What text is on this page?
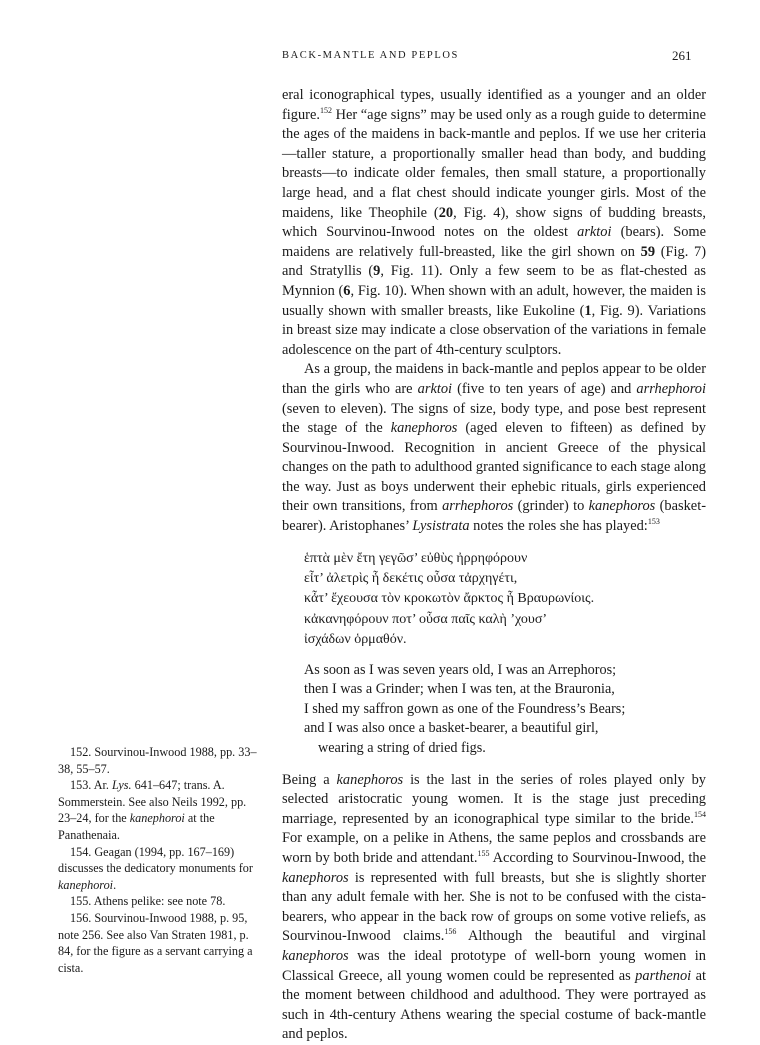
BACK-MANTLE AND PEPLOS	261

eral iconographical types, usually identified as a younger and an older figure.$^{152}$ Her “age signs” may be used only as a rough guide to determine the ages of the maidens in back-mantle and peplos. If we use her criteria—taller stature, a proportionally smaller head than body, and budding breasts—to indicate older females, then small stature, a proportionally large head, and a flat chest should indicate younger girls. Most of the maidens, like Theophile (20, Fig. 4), show signs of budding breasts, which Sourvinou-Inwood notes on the oldest arktoi (bears). Some maidens are relatively full-breasted, like the girl shown on 59 (Fig. 7) and Stratyllis (9, Fig. 11). Only a few seem to be as flat-chested as Mynnion (6, Fig. 10). When shown with an adult, however, the maiden is usually shown with smaller breasts, like Eukoline (1, Fig. 9). Variations in breast size may indicate a close observation of the variations in female adolescence on the part of 4th-century sculptors.

As a group, the maidens in back-mantle and peplos appear to be older than the girls who are arktoi (five to ten years of age) and arrhephoroi (seven to eleven). The signs of size, body type, and pose best represent the stage of the kanephoros (aged eleven to fifteen) as defined by Sourvinou-Inwood. Recognition in ancient Greece of the physical changes on the path to adulthood granted significance to each stage along the way. Just as boys underwent their ephebic rituals, girls experienced their own transitions, from arrhephoros (grinder) to kanephoros (basket-bearer). Aristophanes’ Lysistrata notes the roles she has played:$^{153}$

ἑπτὰ μὲν ἔτη γεγῶσ’ εὐθὺς ἠρρηφόρουν
εἶτ’ ἀλετρὶς ἦ δεκέτις οὖσα τἀρχηγέτι,
κἆτ’ ἔχεουσα τὸν κροκωτὸν ἄρκτος ἦ Βραυρωνίοις.
κἀκανηφόρουν ποτ’ οὖσα παῖς καλὴ ’χουσ’
ἰσχάδων ὁρμαθόν.
As soon as I was seven years old, I was an Arrephoros;
then I was a Grinder; when I was ten, at the Brauronia,
I shed my saffron gown as one of the Foundress’s Bears;
and I was also once a basket-bearer, a beautiful girl,
wearing a string of dried figs.

Being a kanephoros is the last in the series of roles played only by selected aristocratic young women. It is the stage just preceding marriage, represented by an iconographical type similar to the bride.$^{154}$ For example, on a pelike in Athens, the same peplos and crossbands are worn by both bride and attendant.$^{155}$ According to Sourvinou-Inwood, the kanephoros is represented with full breasts, but she is slightly shorter than any adult female with her. She is not to be confused with the cista-bearers, who appear in the back row of groups on some votive reliefs, as Sourvinou-Inwood claims.$^{156}$ Although the beautiful and virginal kanephoros was the ideal prototype of well-born young women in Classical Greece, all young women could be represented as parthenoi at the moment between childhood and adulthood. They were portrayed as such in 4th-century Athens wearing the special costume of back-mantle and peplos.

152. Sourvinou-Inwood 1988, pp. 33–38, 55–57.

153. Ar. Lys. 641–647; trans. A. Sommerstein. See also Neils 1992, pp. 23–24, for the kanephoroi at the Panathenaia.

154. Geagan (1994, pp. 167–169) discusses the dedicatory monuments for kanephoroi.

155. Athens pelike: see note 78.

156. Sourvinou-Inwood 1988, p. 95, note 256. See also Van Straten 1981, p. 84, for the figure as a servant carrying a cista.
